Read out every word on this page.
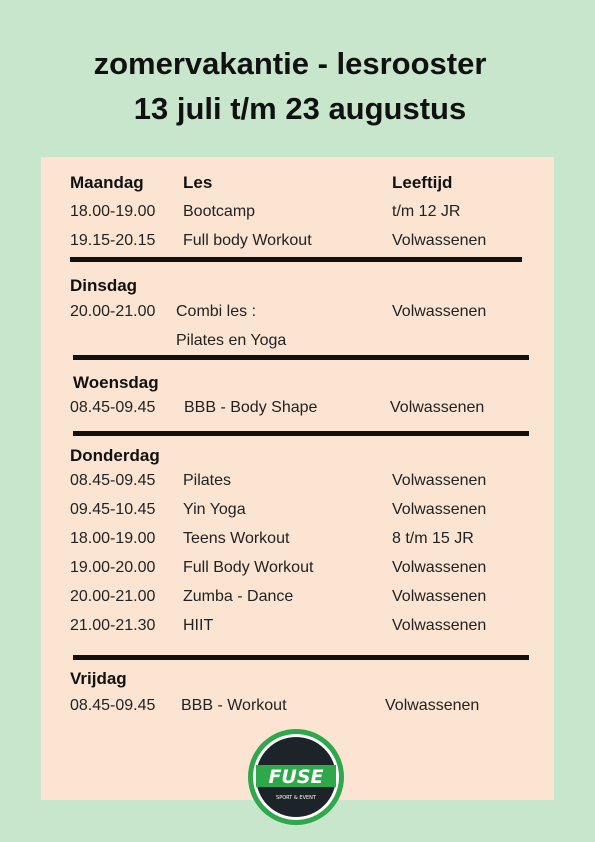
zomervakantie - lesrooster
13 juli t/m 23 augustus
Maandag Les	Leeftijd
18.00-19.00 Bootcamp	t/m 12 JR
19.15-20.15 Full body Workout	Volwassenen
Dinsdag
20.00-21.00 Combi les :	Volwassenen
Pilates en Yoga
Woensdag
08.45-09.45 BBB - Body Shape	Volwassenen
Donderdag
08.45-09.45 Pilates	Volwassenen
09.45-10.45 Yin Yoga	Volwassenen
18.00-19.00 Teens Workout	8 t/m 15 JR
19.00-20.00 Full Body Workout	Volwassenen
20.00-21.00 Zumba - Dance	Volwassenen
21.00-21.30 HIIT	Volwassenen
Vrijdag
08.45-09.45 BBB - Workout	Volwassenen
FUSE
SPORT & EVENT
